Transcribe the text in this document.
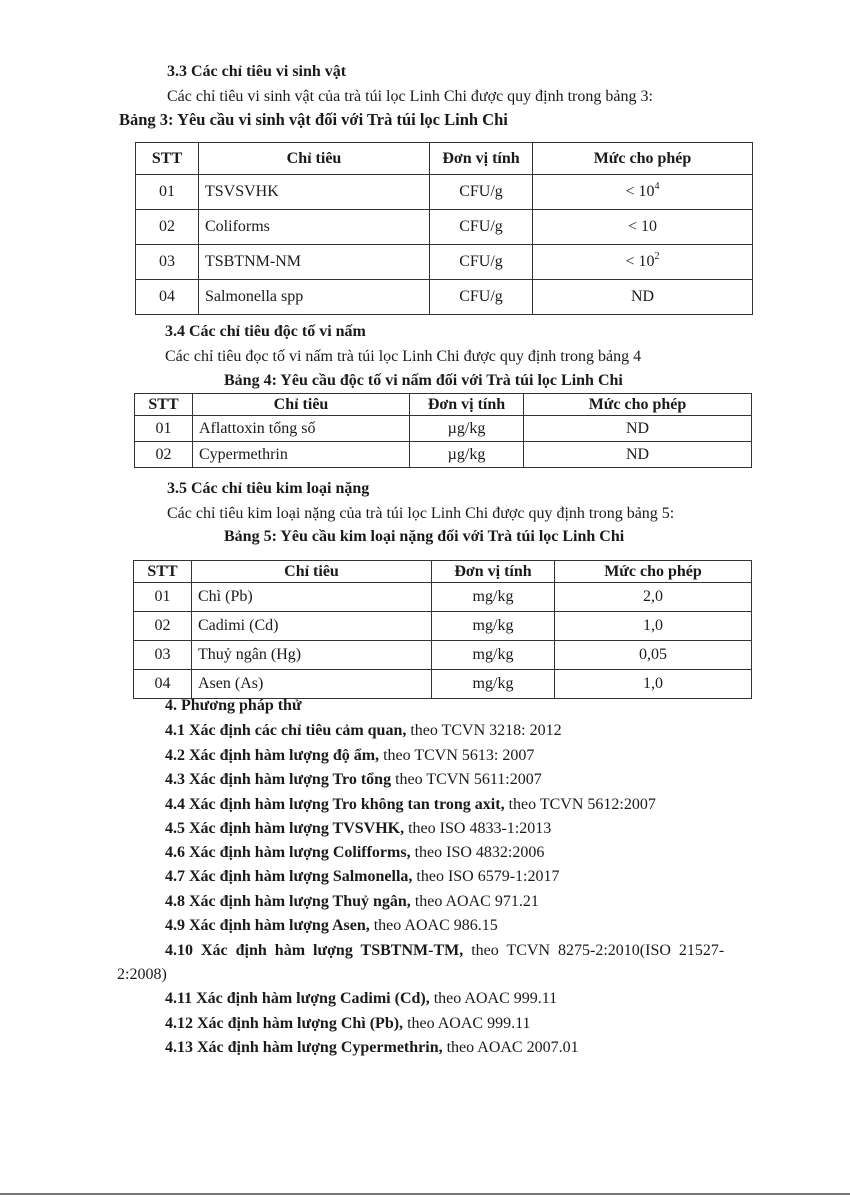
3.3 Các chỉ tiêu vi sinh vật
Các chỉ tiêu vi sinh vật của trà túi lọc Linh Chi được quy định trong bảng 3:
Bảng 3: Yêu cầu vi sinh vật đối với Trà túi lọc Linh Chi
STT	Chỉ tiêu	Đơn vị tính	Mức cho phép
01	TSVSVHK	CFU/g	< $10^4$
02	Coliforms	CFU/g	< 10
03	TSBTNM-NM	CFU/g	< $10^2$
04	Salmonella spp	CFU/g	ND
3.4 Các chỉ tiêu độc tố vi nấm
Các chỉ tiêu đọc tố vi nấm trà túi lọc Linh Chi được quy định trong bảng 4
Bảng 4: Yêu cầu độc tố vi nấm đối với Trà túi lọc Linh Chi
STT	Chỉ tiêu	Đơn vị tính	Mức cho phép
01	Aflattoxin tổng số	µg/kg	ND
02	Cypermethrin	µg/kg	ND
3.5 Các chỉ tiêu kim loại nặng
Các chỉ tiêu kim loại nặng của trà túi lọc Linh Chi được quy định trong bảng 5:
Bảng 5: Yêu cầu kim loại nặng đối với Trà túi lọc Linh Chi
STT	Chỉ tiêu	Đơn vị tính	Mức cho phép
01	Chì (Pb)	mg/kg	2,0
02	Cadimi (Cd)	mg/kg	1,0
03	Thuỷ ngân (Hg)	mg/kg	0,05
04	Asen (As)	mg/kg	1,0
4. Phương pháp thử
4.1 Xác định các chỉ tiêu cảm quan, theo TCVN 3218: 2012
4.2 Xác định hàm lượng độ ẩm, theo TCVN 5613: 2007
4.3 Xác định hàm lượng Tro tổng theo TCVN 5611:2007
4.4 Xác định hàm lượng Tro không tan trong axit, theo TCVN 5612:2007
4.5 Xác định hàm lượng TVSVHK, theo ISO 4833-1:2013
4.6 Xác định hàm lượng Colifforms, theo ISO 4832:2006
4.7 Xác định hàm lượng Salmonella, theo ISO 6579-1:2017
4.8 Xác định hàm lượng Thuỷ ngân, theo AOAC 971.21
4.9 Xác định hàm lượng Asen, theo AOAC 986.15
4.10 Xác định hàm lượng TSBTNM-TM, theo TCVN 8275-2:2010(ISO 21527-
2:2008)
4.11 Xác định hàm lượng Cadimi (Cd), theo AOAC 999.11
4.12 Xác định hàm lượng Chì (Pb), theo AOAC 999.11
4.13 Xác định hàm lượng Cypermethrin, theo AOAC 2007.01
